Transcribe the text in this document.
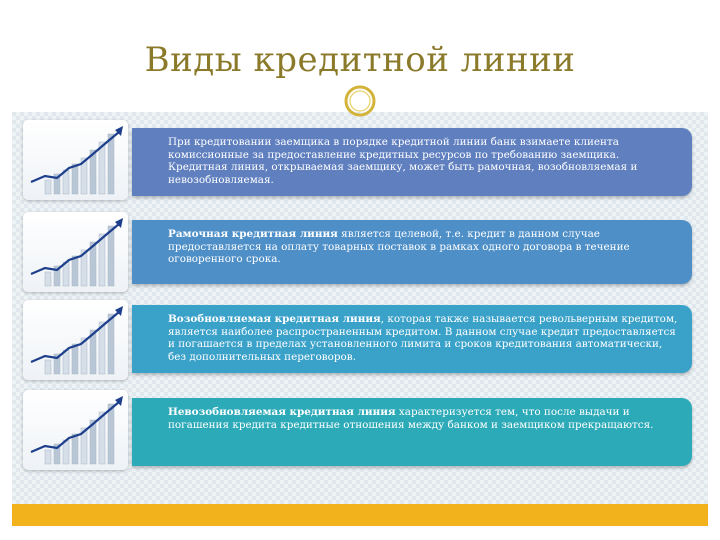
Виды кредитной линии
При кредитовании заемщика в порядке кредитной линии банк взимаете клиента комиссионные за предоставление кредитных ресурсов по требованию заемщика. Кредитная линия, открываемая заемщику, может быть рамочная, возобновляемая и невозобновляемая.
Рамочная кредитная линия является целевой, т.е. кредит в данном случае предоставляется на оплату товарных поставок в рамках одного договора в течение оговоренного срока.
Возобновляемая кредитная линия, которая также называется револьверным кредитом, является наиболее распространенным кредитом. В данном случае кредит предоставляется и погашается в пределах установленного лимита и сроков кредитования автоматически, без дополнительных переговоров.
Невозобновляемая кредитная линия характеризуется тем, что после выдачи и погашения кредита кредитные отношения между банком и заемщиком прекращаются.
